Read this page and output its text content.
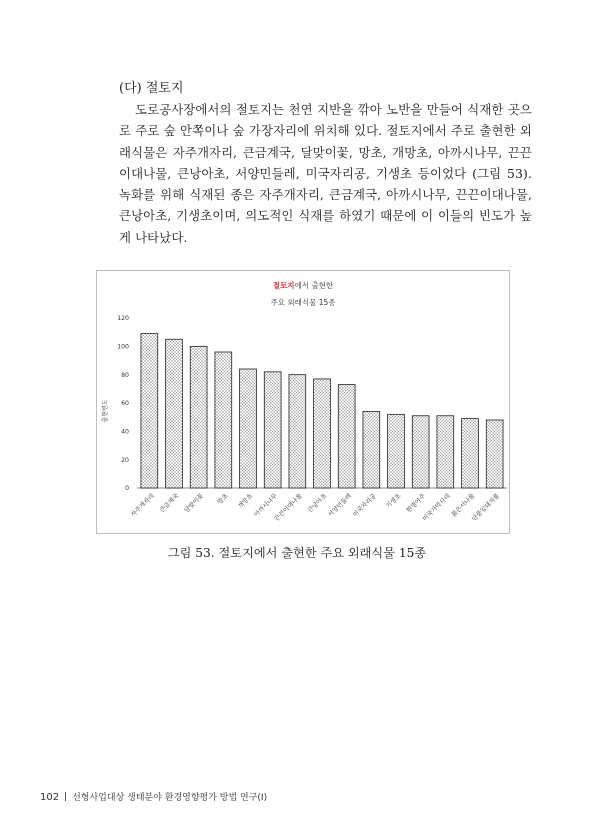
(다) 절토지
도로공사장에서의 절토지는 천연 지반을 깎아 노반을 만들어 식재한 곳으로 주로 숲 안쪽이나 숲 가장자리에 위치해 있다. 절토지에서 주로 출현한 외래식물은 자주개자리, 큰금계국, 달맞이꽃, 망초, 개망초, 아까시나무, 끈끈이대나물, 큰낭아초, 서양민들레, 미국자리공, 기생초 등이었다 (그림 53). 녹화를 위해 식재된 종은 자주개자리, 큰금계국, 아까시나무, 끈끈이대나물, 큰낭아초, 기생초이며, 의도적인 식재를 하였기 때문에 이 이들의 빈도가 높게 나타났다.
절토지에서 출현한
주요 외래식물 15종
0
20
40
60
80
100
120
출현빈도
자주개자리 큰금계국 달맞이꽃 망초 개망초
아까시나무
끈끈이대나물 큰낭아초
서양민들레
미국자리공 기생초 흰명아주
미국가막사리
붉은서나물
단풍잎돼지풀
그림 53. 절토지에서 출현한 주요 외래식물 15종
102 선형사업대상 생태분야 환경영향평가 방법 연구(Ⅰ)
